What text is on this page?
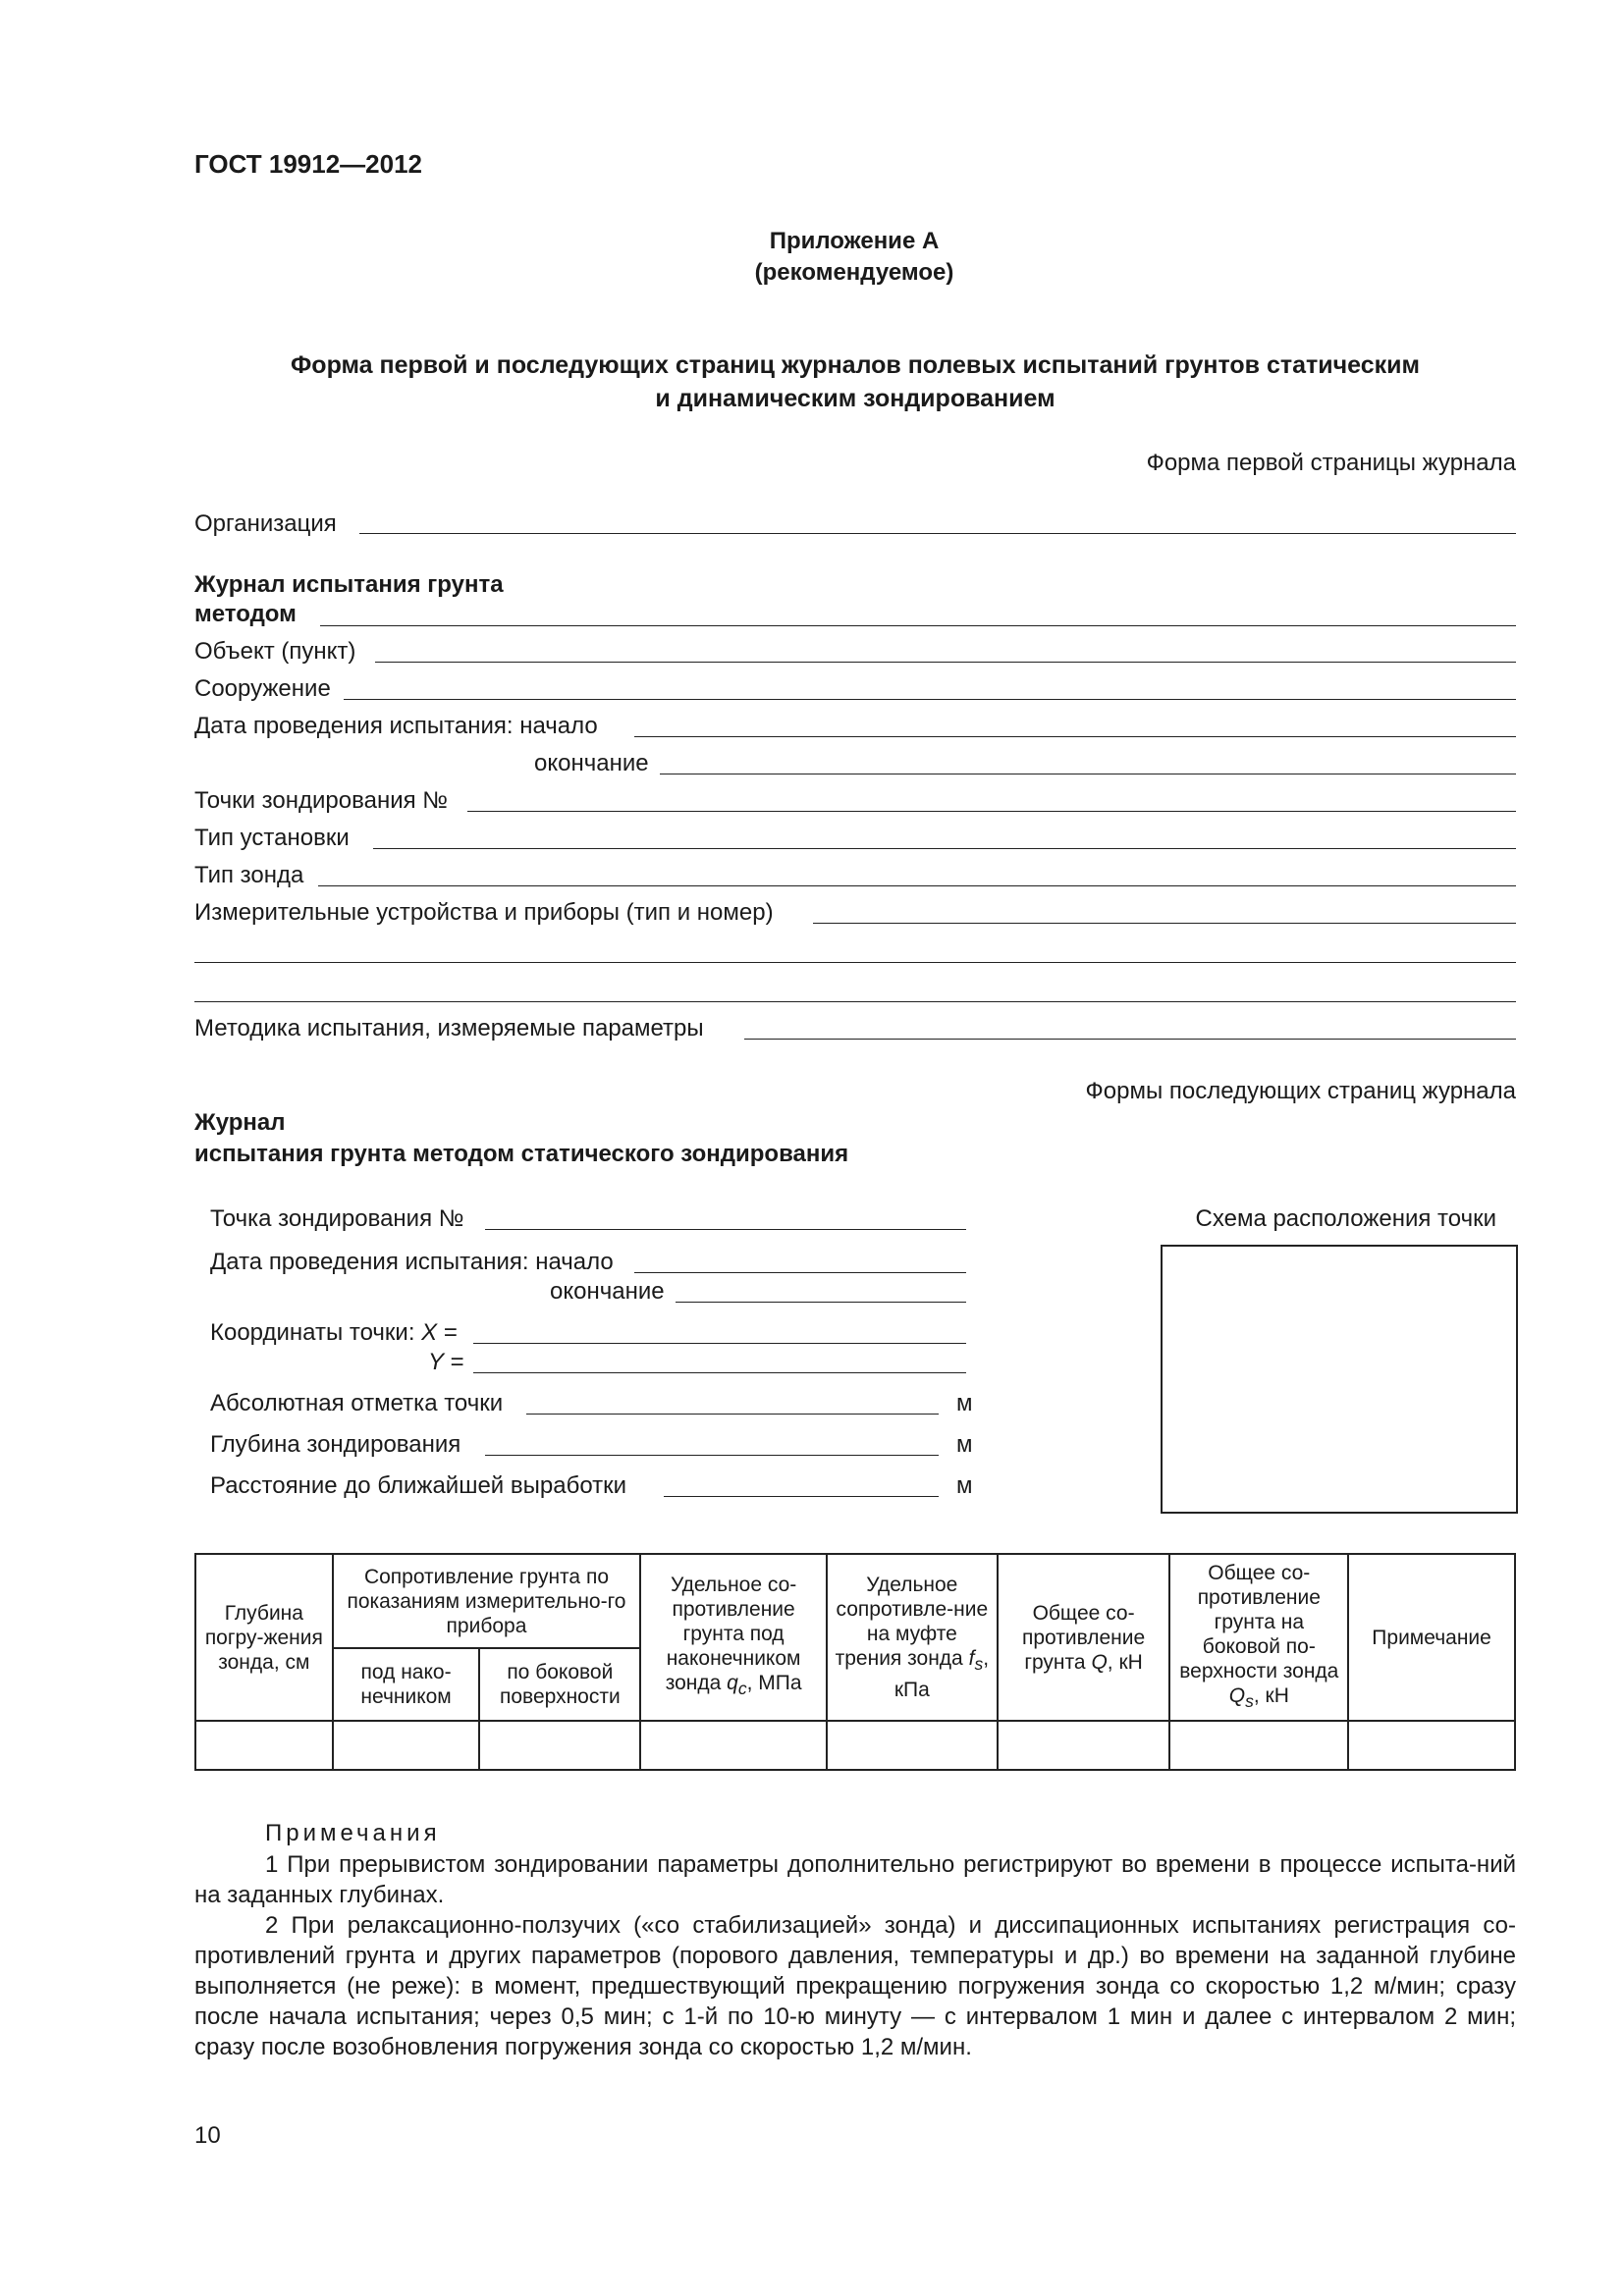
ГОСТ 19912—2012
Приложение А
(рекомендуемое)
Форма первой и последующих страниц журналов полевых испытаний грунтов статическим
и динамическим зондированием
Форма первой страницы журнала
Организация
Журнал испытания грунта
методом
Объект (пункт)
Сооружение
Дата проведения испытания: начало
окончание
Точки зондирования №
Тип установки
Тип зонда
Измерительные устройства и приборы (тип и номер)
Методика испытания, измеряемые параметры
Формы последующих страниц журнала
Журнал
испытания грунта методом статического зондирования
Точка зондирования №	Схема расположения точки
Дата проведения испытания: начало
окончание
Координаты точки: X =
Y =
Абсолютная отметка точки	м
Глубина зондирования	м
Расстояние до ближайшей выработки	м
Глубина погру-жения зонда, см	Сопротивление грунта по показаниям измерительно-го прибора		Удельное со-противление грунта под наконечником зонда $q_c$, МПа	Удельное сопротивле-ние на муфте трения зонда $f_s$, кПа	Общее со-противление грунта Q, кН	Общее со-противление грунта на боковой по-верхности зонда $Q_s$, кН	Примечание
	под нако-нечником	по боковой поверхности					

Примечания

1 При прерывистом зондировании параметры дополнительно регистрируют во времени в процессе испыта-ний на заданных глубинах.

2 При релаксационно-ползучих («со стабилизацией» зонда) и диссипационных испытаниях регистрация со-противлений грунта и других параметров (порового давления, температуры и др.) во времени на заданной глубине выполняется (не реже): в момент, предшествующий прекращению погружения зонда со скоростью 1,2 м/мин; сразу после начала испытания; через 0,5 мин; с 1-й по 10-ю минуту — с интервалом 1 мин и далее с интервалом 2 мин; сразу после возобновления погружения зонда со скоростью 1,2 м/мин.

10
